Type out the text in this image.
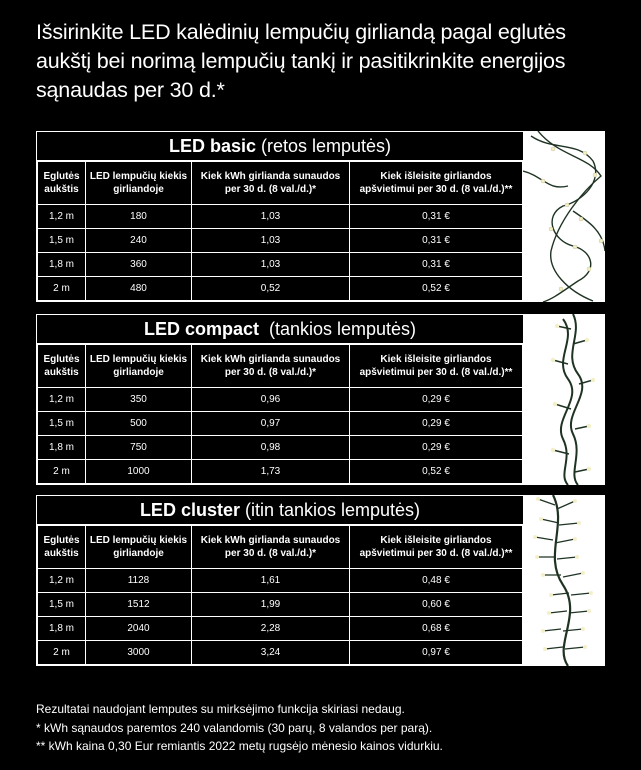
Išsirinkite LED kalėdinių lempučių girliandą pagal eglutės aukštį bei norimą lempučių tankį ir pasitikrinkite energijos sąnaudas per 30 d.*
LED basic (retos lemputės)
Eglutės aukštis	LED lempučių kiekis girliandoje	Kiek kWh girlianda sunaudos per 30 d. (8 val./d.)*	Kiek išleisite girliandos apšvietimui per 30 d. (8 val./d.)**
1,2 m	180	1,03	0,31 €
1,5 m	240	1,03	0,31 €
1,8 m	360	1,03	0,31 €
2 m	480	0,52	0,52 €
LED compact  (tankios lemputės)
Eglutės aukštis	LED lempučių kiekis girliandoje	Kiek kWh girlianda sunaudos per 30 d. (8 val./d.)*	Kiek išleisite girliandos apšvietimui per 30 d. (8 val./d.)**
1,2 m	350	0,96	0,29 €
1,5 m	500	0,97	0,29 €
1,8 m	750	0,98	0,29 €
2 m	1000	1,73	0,52 €
LED cluster (itin tankios lemputės)
Eglutės aukštis	LED lempučių kiekis girliandoje	Kiek kWh girlianda sunaudos per 30 d. (8 val./d.)*	Kiek išleisite girliandos apšvietimui per 30 d. (8 val./d.)**
1,2 m	1128	1,61	0,48 €
1,5 m	1512	1,99	0,60 €
1,8 m	2040	2,28	0,68 €
2 m	3000	3,24	0,97 €
Rezultatai naudojant lemputes su mirksėjimo funkcija skiriasi nedaug.
* kWh sąnaudos paremtos 240 valandomis (30 parų, 8 valandos per parą).
** kWh kaina 0,30 Eur remiantis 2022 metų rugsėjo mėnesio kainos vidurkiu.
